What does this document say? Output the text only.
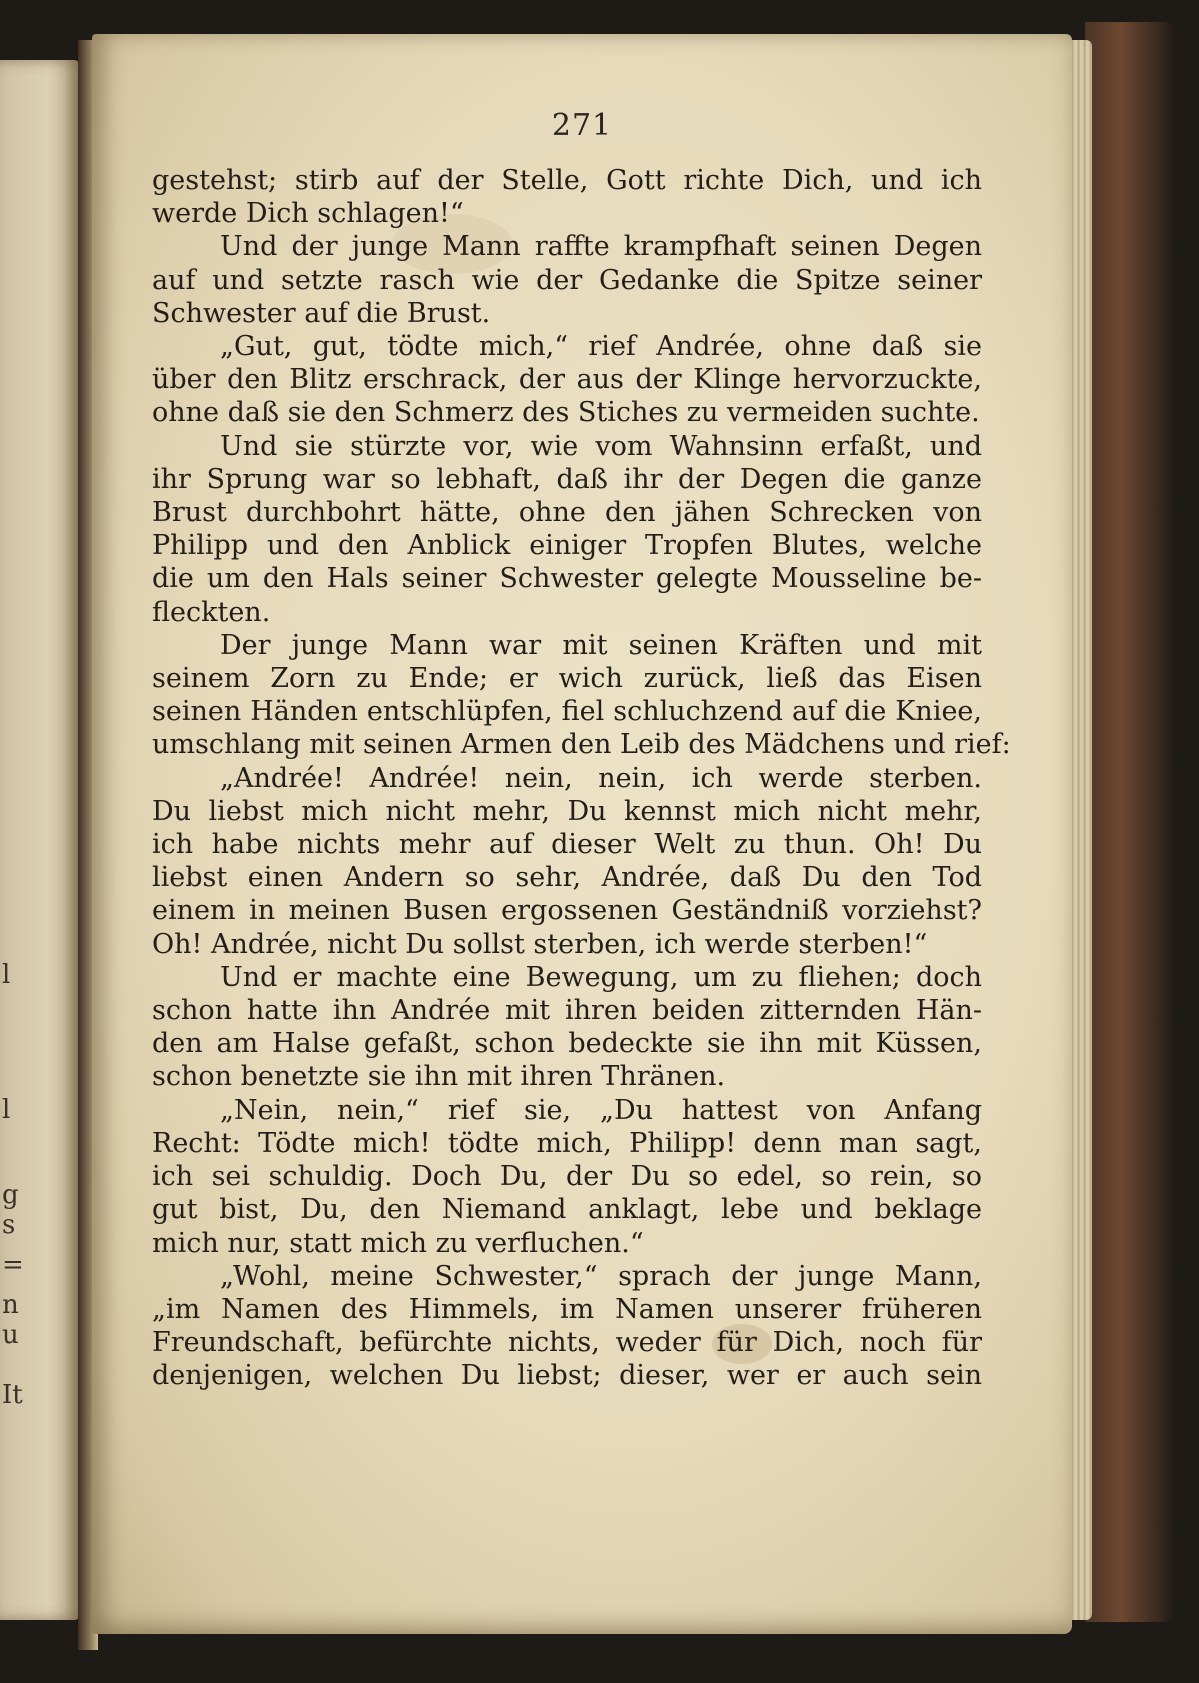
l
l
g
s
=
n
u
It
271
gestehst; stirb auf der Stelle, Gott richte Dich, und ich
werde Dich schlagen!“
Und der junge Mann raffte krampfhaft seinen Degen
auf und setzte rasch wie der Gedanke die Spitze seiner
Schwester auf die Brust.
„Gut, gut, tödte mich,“ rief Andrée, ohne daß sie
über den Blitz erschrack, der aus der Klinge hervorzuckte,
ohne daß sie den Schmerz des Stiches zu vermeiden suchte.
Und sie stürzte vor, wie vom Wahnsinn erfaßt, und
ihr Sprung war so lebhaft, daß ihr der Degen die ganze
Brust durchbohrt hätte, ohne den jähen Schrecken von
Philipp und den Anblick einiger Tropfen Blutes, welche
die um den Hals seiner Schwester gelegte Mousseline be-
fleckten.
Der junge Mann war mit seinen Kräften und mit
seinem Zorn zu Ende; er wich zurück, ließ das Eisen
seinen Händen entschlüpfen, fiel schluchzend auf die Kniee,
umschlang mit seinen Armen den Leib des Mädchens und rief:
„Andrée! Andrée! nein, nein, ich werde sterben.
Du liebst mich nicht mehr, Du kennst mich nicht mehr,
ich habe nichts mehr auf dieser Welt zu thun. Oh! Du
liebst einen Andern so sehr, Andrée, daß Du den Tod
einem in meinen Busen ergossenen Geständniß vorziehst?
Oh! Andrée, nicht Du sollst sterben, ich werde sterben!“
Und er machte eine Bewegung, um zu fliehen; doch
schon hatte ihn Andrée mit ihren beiden zitternden Hän-
den am Halse gefaßt, schon bedeckte sie ihn mit Küssen,
schon benetzte sie ihn mit ihren Thränen.
„Nein, nein,“ rief sie, „Du hattest von Anfang
Recht: Tödte mich! tödte mich, Philipp! denn man sagt,
ich sei schuldig. Doch Du, der Du so edel, so rein, so
gut bist, Du, den Niemand anklagt, lebe und beklage
mich nur, statt mich zu verfluchen.“
„Wohl, meine Schwester,“ sprach der junge Mann,
„im Namen des Himmels, im Namen unserer früheren
Freundschaft, befürchte nichts, weder für Dich, noch für
denjenigen, welchen Du liebst; dieser, wer er auch sein
